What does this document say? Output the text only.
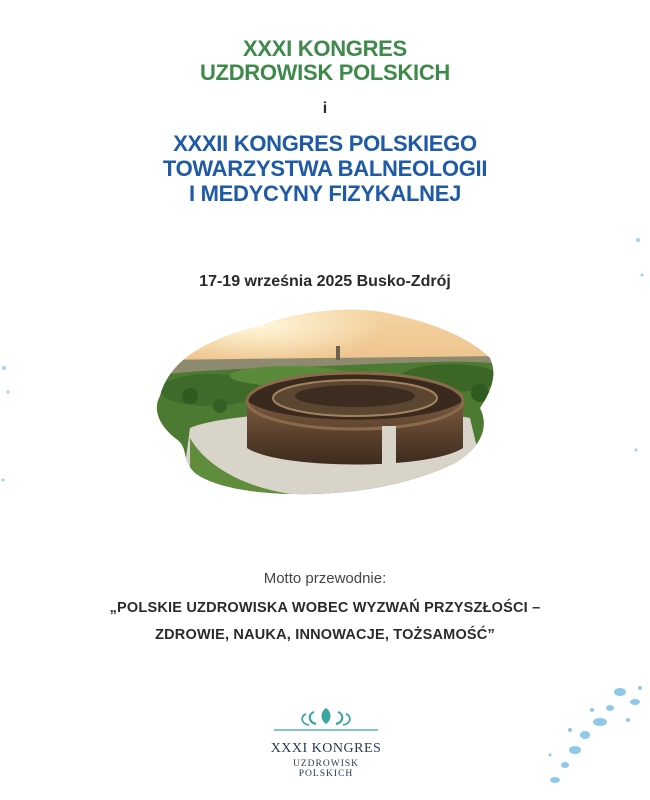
XXXI KONGRES
UZDROWISK POLSKICH
i
XXXII KONGRES POLSKIEGO
TOWARZYSTWA BALNEOLOGII
I MEDYCYNY FIZYKALNEJ
17-19 września 2025 Busko-Zdrój
Motto przewodnie:
„POLSKIE UZDROWISKA WOBEC WYZWAŃ PRZYSZŁOŚCI –
ZDROWIE, NAUKA, INNOWACJE, TOŻSAMOŚĆ”
XXXI KONGRES
UZDROWISK POLSKICH
